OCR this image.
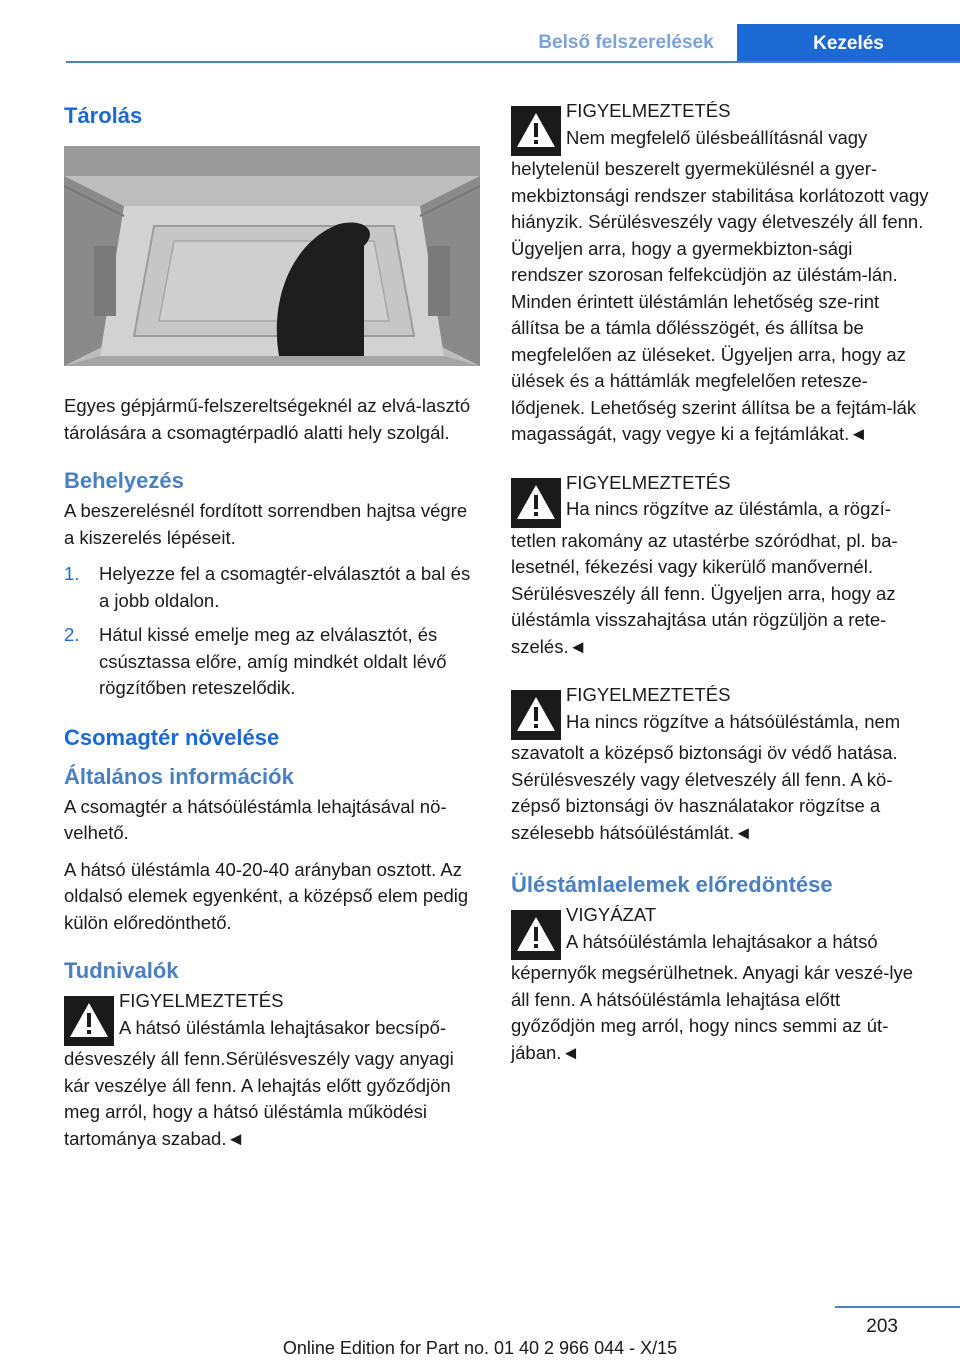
Belső felszerelések	Kezelés
Tárolás

Egyes gépjármű-felszereltségeknél az elvá-lasztó tárolására a csomagtérpadló alatti hely szolgál.

Behelyezés

A beszerelésnél fordított sorrendben hajtsa végre a kiszerelés lépéseit.

1. Helyezze fel a csomagtér-elválasztót a bal és a jobb oldalon.
2. Hátul kissé emelje meg az elválasztót, és csúsztassa előre, amíg mindkét oldalt lévő rögzítőben reteszelődik.
Csomagtér növelése
Általános információk

A csomagtér a hátsóüléstámla lehajtásával nö-velhető.

A hátsó üléstámla 40-20-40 arányban osztott. Az oldalsó elemek egyenként, a középső elem pedig külön előredönthető.

Tudnivalók
FIGYELMEZTETÉS
A hátsó üléstámla lehajtásakor becsípő-
désveszély áll fenn.Sérülésveszély vagy anyagi kár veszélye áll fenn. A lehajtás előtt győződjön meg arról, hogy a hátsó üléstámla működési tartománya szabad.◄
FIGYELMEZTETÉS
Nem megfelelő ülésbeállításnál vagy
helytelenül beszerelt gyermekülésnél a gyer-mekbiztonsági rendszer stabilitása korlátozott vagy hiányzik. Sérülésveszély vagy életveszély áll fenn. Ügyeljen arra, hogy a gyermekbizton-sági rendszer szorosan felfekcüdjön az üléstám-lán. Minden érintett üléstámlán lehetőség sze-rint állítsa be a támla dőlésszögét, és állítsa be megfelelően az üléseket. Ügyeljen arra, hogy az ülések és a háttámlák megfelelően retesze-lődjenek. Lehetőség szerint állítsa be a fejtám-lák magasságát, vagy vegye ki a fejtámlákat.◄
FIGYELMEZTETÉS
Ha nincs rögzítve az üléstámla, a rögzí-
tetlen rakomány az utastérbe szóródhat, pl. ba-lesetnél, fékezési vagy kikerülő manővernél. Sérülésveszély áll fenn. Ügyeljen arra, hogy az üléstámla visszahajtása után rögzüljön a rete-szelés.◄
FIGYELMEZTETÉS
Ha nincs rögzítve a hátsóüléstámla, nem
szavatolt a középső biztonsági öv védő hatása. Sérülésveszély vagy életveszély áll fenn. A kö-zépső biztonsági öv használatakor rögzítse a szélesebb hátsóüléstámlát.◄
Üléstámlaelemek előredöntése
VIGYÁZAT
A hátsóüléstámla lehajtásakor a hátsó
képernyők megsérülhetnek. Anyagi kár veszé-lye áll fenn. A hátsóüléstámla lehajtása előtt győződjön meg arról, hogy nincs semmi az út-jában.◄
203
Online Edition for Part no. 01 40 2 966 044 - X/15
